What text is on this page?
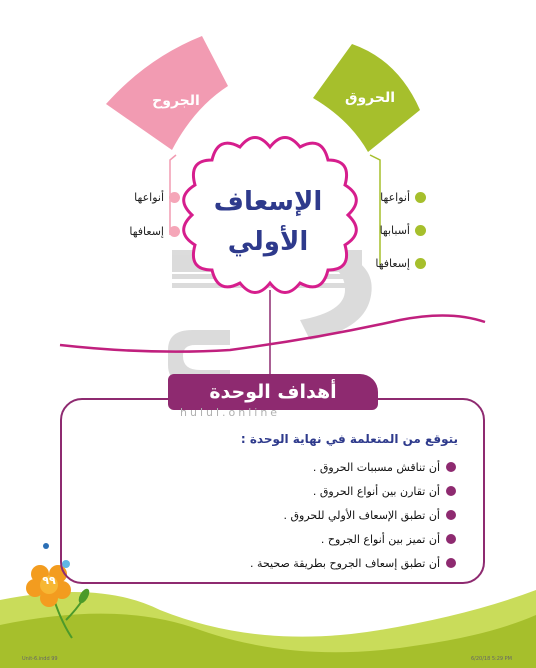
الحروق
الجروح
الإسعاف
الأولي
أنواعها
أسبابها
إسعافها
أنواعها
إسعافها
أهداف الوحدة
hulul.online
يتوقع من المتعلمة في نهاية الوحدة :
أن تناقش مسببات الحروق .
أن تقارن بين أنواع الحروق .
أن تطبق الإسعاف الأولي للحروق .
أن تميز بين أنواع الجروح .
أن تطبق إسعاف الجروح بطريقة صحيحة .
٩٩
Unit-6.indd 99	6/20/18 5:29 PM
